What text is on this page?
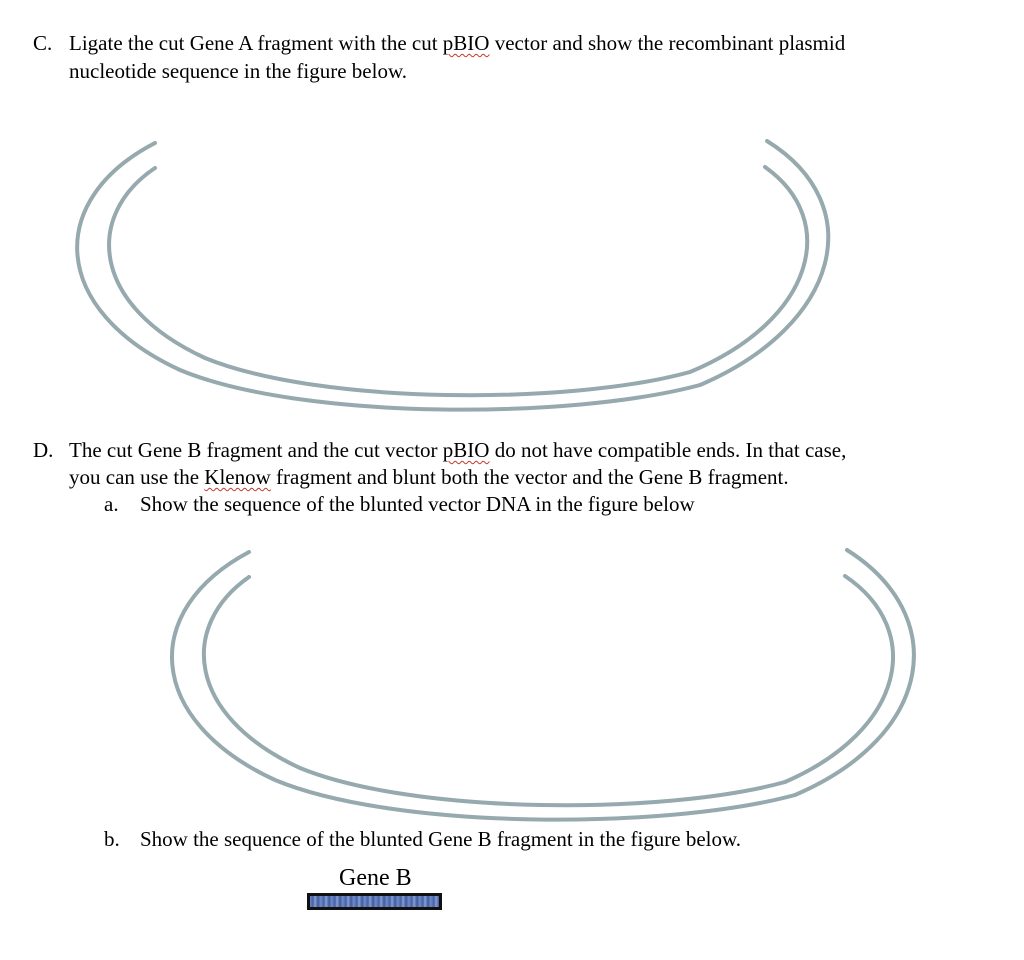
C. Ligate the cut Gene A fragment with the cut pBIO vector and show the recombinant plasmid
nucleotide sequence in the figure below.
D. The cut Gene B fragment and the cut vector pBIO do not have compatible ends. In that case,
you can use the Klenow fragment and blunt both the vector and the Gene B fragment.
a. Show the sequence of the blunted vector DNA in the figure below
b. Show the sequence of the blunted Gene B fragment in the figure below.
Gene B
